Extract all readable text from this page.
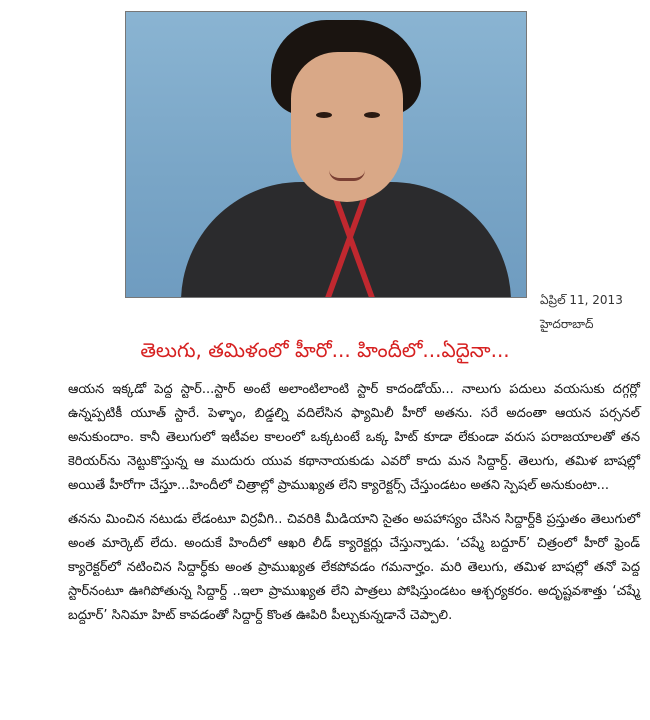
ఏప్రిల్ 11, 2013
హైదరాబాద్
తెలుగు, తమిళంలో హీరో... హిందీలో...ఏదైనా...

ఆయన ఇక్కడో పెద్ద స్టార్...స్టార్ అంటే అలాంటిలాంటి స్టార్ కాదండోయ్... నాలుగు పదులు వయసుకు దగ్గర్లో ఉన్నప్పటికీ యూత్ స్టారే. పెళ్ళాం, బిడ్డల్ని వదిలేసిన ఫ్యామిలీ హీరో అతను. సరే అదంతా ఆయన పర్సనల్ అనుకుందాం. కానీ తెలుగులో ఇటీవల కాలంలో ఒక్కటంటే ఒక్క హిట్ కూడా లేకుండా వరుస పరాజయాలతో తన కెరియర్‌ను నెట్టుకొస్తున్న ఆ ముదురు యువ కథానాయకుడు ఎవరో కాదు మన సిద్దార్ద్. తెలుగు, తమిళ బాషల్లో అయితే హీరోగా చేస్తూ...హిందీలో చిత్రాల్లో ప్రాముఖ్యత లేని క్యారెక్టర్స్ చేస్తుండటం అతని స్పెషల్ అనుకుంటా...

తనను మించిన నటుడు లేడంటూ విర్రవీగి.. చివరికి మీడియాని సైతం అపహాస్యం చేసిన సిద్దార్ద్‌కి ప్రస్తుతం తెలుగులో అంత మార్కెట్ లేదు. అందుకే హిందీలో ఆఖరి లీడ్ క్యారెక్టర్లు చేస్తున్నాడు. ‘చష్మే బద్దూర్’ చిత్రంలో హీరో ఫ్రెండ్ క్యారెక్టర్‌లో నటించిన సిద్దార్ధ్‌కు అంత ప్రాముఖ్యత లేకపోవడం గమనార్హం. మరి తెలుగు, తమిళ బాషల్లో తనో పెద్ద స్టార్‌నంటూ ఊగిపోతున్న సిద్దార్ద్ ..ఇలా ప్రాముఖ్యత లేని పాత్రలు పోషిస్తుండటం ఆశ్చర్యకరం. అదృష్టవశాత్తు ‘చష్మే బద్దూర్’ సినిమా హిట్ కావడంతో సిద్దార్ద్ కొంత ఊపిరి పీల్చుకున్నడానే చెప్పాలి.
